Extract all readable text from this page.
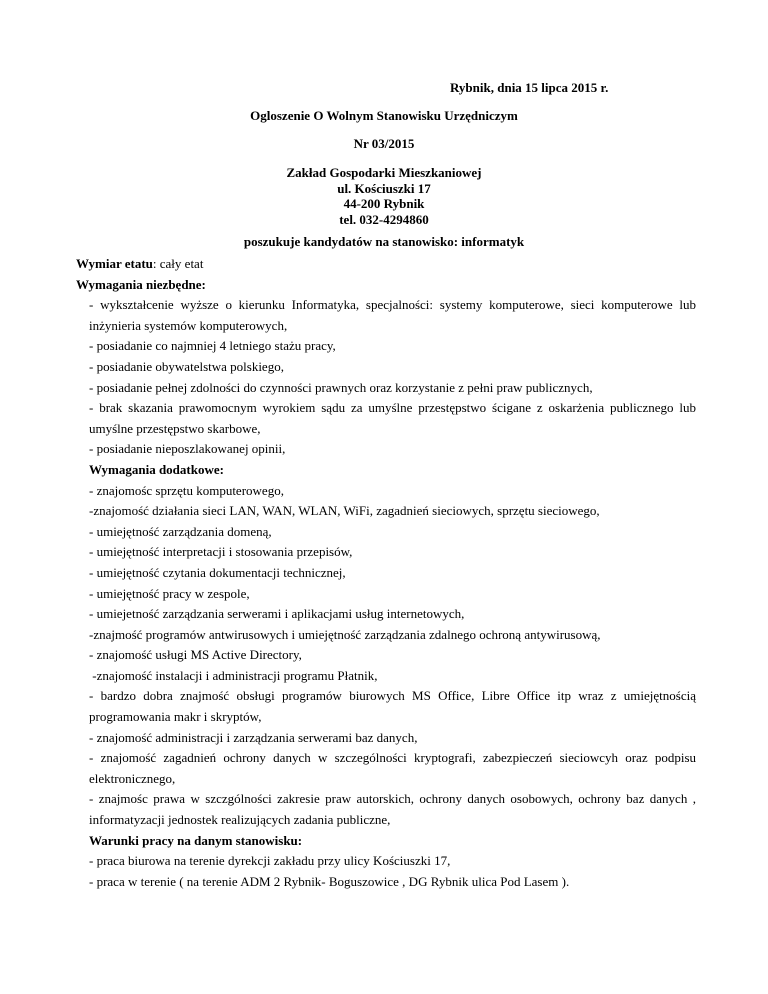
Rybnik, dnia 15 lipca 2015 r.
Ogloszenie O Wolnym Stanowisku Urzędniczym
Nr 03/2015
Zakład Gospodarki Mieszkaniowej
ul. Kościuszki 17
44-200 Rybnik
tel. 032-4294860
poszukuje kandydatów na stanowisko: informatyk
Wymiar etatu: cały etat
Wymagania niezbędne:
- wykształcenie wyższe o kierunku Informatyka, specjalności: systemy komputerowe, sieci komputerowe lub
inżynieria systemów komputerowych,
- posiadanie co najmniej 4 letniego stażu pracy,
- posiadanie obywatelstwa polskiego,
- posiadanie pełnej zdolności do czynności prawnych oraz korzystanie z pełni praw publicznych,
- brak skazania prawomocnym wyrokiem sądu za umyślne przestępstwo ścigane z oskarżenia publicznego lub
umyślne przestępstwo skarbowe,
- posiadanie nieposzlakowanej opinii,
Wymagania dodatkowe:
- znajomośc sprzętu komputerowego,
-znajomość działania sieci LAN, WAN, WLAN, WiFi, zagadnień sieciowych, sprzętu sieciowego,
- umiejętność zarządzania domeną,
- umiejętność interpretacji i stosowania przepisów,
- umiejętność czytania dokumentacji technicznej,
- umiejętność pracy w zespole,
- umiejetność zarządzania serwerami i aplikacjami usług internetowych,
-znajmość programów antwirusowych i umiejętność zarządzania zdalnego ochroną antywirusową,
- znajomość usługi MS Active Directory,
-znajomość instalacji i administracji programu Płatnik,
- bardzo dobra znajmość obsługi programów biurowych MS Office, Libre Office itp wraz z umiejętnością
programowania makr i skryptów,
- znajomość administracji i zarządzania serwerami baz danych,
- znajomość zagadnień ochrony danych w szczególności kryptografi, zabezpieczeń sieciowcyh oraz podpisu
elektronicznego,
- znajmośc prawa w szczgólności zakresie praw autorskich, ochrony danych osobowych, ochrony baz danych ,
informatyzacji jednostek realizujących zadania publiczne,
Warunki pracy na danym stanowisku:
- praca biurowa na terenie dyrekcji zakładu przy ulicy Kościuszki 17,
- praca w terenie ( na terenie ADM 2 Rybnik- Boguszowice , DG Rybnik ulica Pod Lasem ).
